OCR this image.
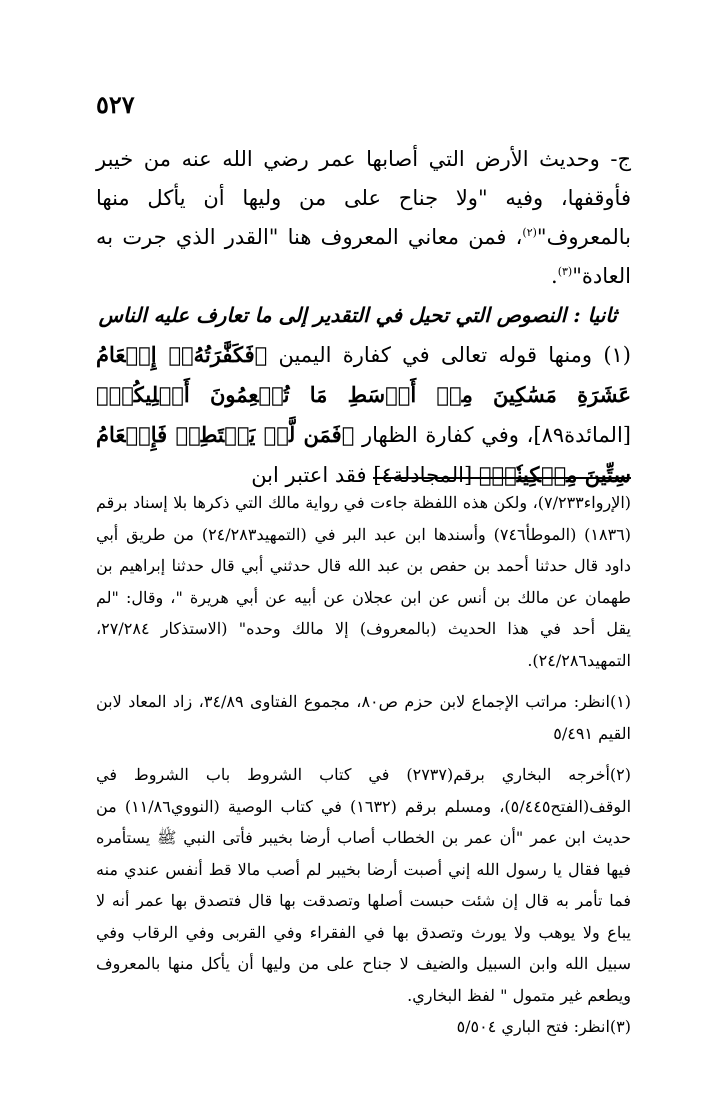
٥٢٧

ج- وحديث الأرض التي أصابها عمر رضي الله عنه من خيبر فأوقفها، وفيه "ولا جناح على من وليها أن يأكل منها بالمعروف"$^{(٢)}$، فمن معاني المعروف هنا "القدر الذي جرت به العادة"$^{(٣)}$.

ثانيا : النصوص التي تحيل في التقدير إلى ما تعارف عليه الناس

(١) ومنها قوله تعالى في كفارة اليمين ﴿فَكَفَّٰرَتُهُۥٓ إِطۡعَامُ عَشَرَةِ مَسَٰكِينَ مِنۡ أَوۡسَطِ مَا تُطۡعِمُونَ أَهۡلِيكُمۡ﴾ [المائدة٨٩]، وفي كفارة الظهار ﴿فَمَن لَّمۡ يَسۡتَطِعۡ فَإِطۡعَامُ سِتِّينَ مِسۡكِينٗاۚ﴾ [المجادلة٤] فقد اعتبر ابن

(الإرواء٧/٢٣٣)، ولكن هذه اللفظة جاءت في رواية مالك التي ذكرها بلا إسناد برقم (١٨٣٦) (الموطأ٧٤٦) وأسندها ابن عبد البر في (التمهيد٢٤/٢٨٣) من طريق أبي داود قال حدثنا أحمد بن حفص بن عبد الله قال حدثني أبي قال حدثنا إبراهيم بن طهمان عن مالك بن أنس عن ابن عجلان عن أبيه عن أبي هريرة "، وقال: "لم يقل أحد في هذا الحديث (بالمعروف) إلا مالك وحده" (الاستذكار ٢٧/٢٨٤، التمهيد٢٤/٢٨٦).

(١)انظر: مراتب الإجماع لابن حزم ص٨٠، مجموع الفتاوى ٣٤/٨٩، زاد المعاد لابن القيم ٥/٤٩١

(٢)أخرجه البخاري برقم(٢٧٣٧) في كتاب الشروط باب الشروط في الوقف(الفتح٥/٤٤٥)، ومسلم برقم (١٦٣٢) في كتاب الوصية (النووي١١/٨٦) من حديث ابن عمر "أن عمر بن الخطاب أصاب أرضا بخيبر فأتى النبي ﷺ يستأمره فيها فقال يا رسول الله إني أصبت أرضا بخيبر لم أصب مالا قط أنفس عندي منه فما تأمر به قال إن شئت حبست أصلها وتصدقت بها قال فتصدق بها عمر أنه لا يباع ولا يوهب ولا يورث وتصدق بها في الفقراء وفي القربى وفي الرقاب وفي سبيل الله وابن السبيل والضيف لا جناح على من وليها أن يأكل منها بالمعروف ويطعم غير متمول " لفظ البخاري.

(٣)انظر: فتح الباري ٥/٥٠٤
